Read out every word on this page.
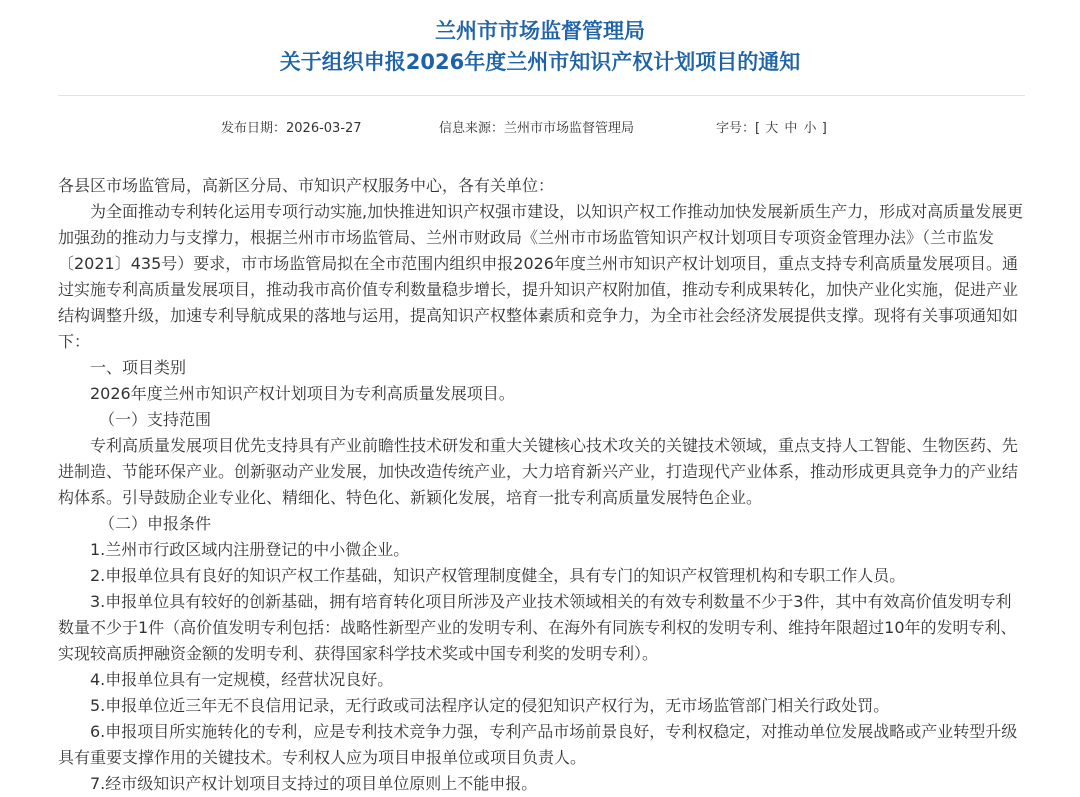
兰州市市场监督管理局
关于组织申报2026年度兰州市知识产权计划项目的通知
发布日期：2026-03-27	信息来源：兰州市市场监督管理局	字号：[ 大 中 小 ]

各县区市场监管局，高新区分局、市知识产权服务中心，各有关单位：

为全面推动专利转化运用专项行动实施,加快推进知识产权强市建设，以知识产权工作推动加快发展新质生产力，形成对高质量发展更加强劲的推动力与支撑力，根据兰州市市场监管局、兰州市财政局《兰州市市场监管知识产权计划项目专项资金管理办法》（兰市监发〔2021〕435号）要求，市市场监管局拟在全市范围内组织申报2026年度兰州市知识产权计划项目，重点支持专利高质量发展项目。通过实施专利高质量发展项目，推动我市高价值专利数量稳步增长，提升知识产权附加值，推动专利成果转化，加快产业化实施，促进产业结构调整升级，加速专利导航成果的落地与运用，提高知识产权整体素质和竞争力，为全市社会经济发展提供支撑。现将有关事项通知如下：

一、项目类别

2026年度兰州市知识产权计划项目为专利高质量发展项目。

（一）支持范围

专利高质量发展项目优先支持具有产业前瞻性技术研发和重大关键核心技术攻关的关键技术领域，重点支持人工智能、生物医药、先进制造、节能环保产业。创新驱动产业发展，加快改造传统产业，大力培育新兴产业，打造现代产业体系，推动形成更具竞争力的产业结构体系。引导鼓励企业专业化、精细化、特色化、新颖化发展，培育一批专利高质量发展特色企业。

（二）申报条件

1.兰州市行政区域内注册登记的中小微企业。

2.申报单位具有良好的知识产权工作基础，知识产权管理制度健全，具有专门的知识产权管理机构和专职工作人员。

3.申报单位具有较好的创新基础，拥有培育转化项目所涉及产业技术领域相关的有效专利数量不少于3件，其中有效高价值发明专利数量不少于1件（高价值发明专利包括：战略性新型产业的发明专利、在海外有同族专利权的发明专利、维持年限超过10年的发明专利、实现较高质押融资金额的发明专利、获得国家科学技术奖或中国专利奖的发明专利）。

4.申报单位具有一定规模，经营状况良好。

5.申报单位近三年无不良信用记录，无行政或司法程序认定的侵犯知识产权行为，无市场监管部门相关行政处罚。

6.申报项目所实施转化的专利，应是专利技术竞争力强，专利产品市场前景良好，专利权稳定，对推动单位发展战略或产业转型升级具有重要支撑作用的关键技术。专利权人应为项目申报单位或项目负责人。

7.经市级知识产权计划项目支持过的项目单位原则上不能申报。
